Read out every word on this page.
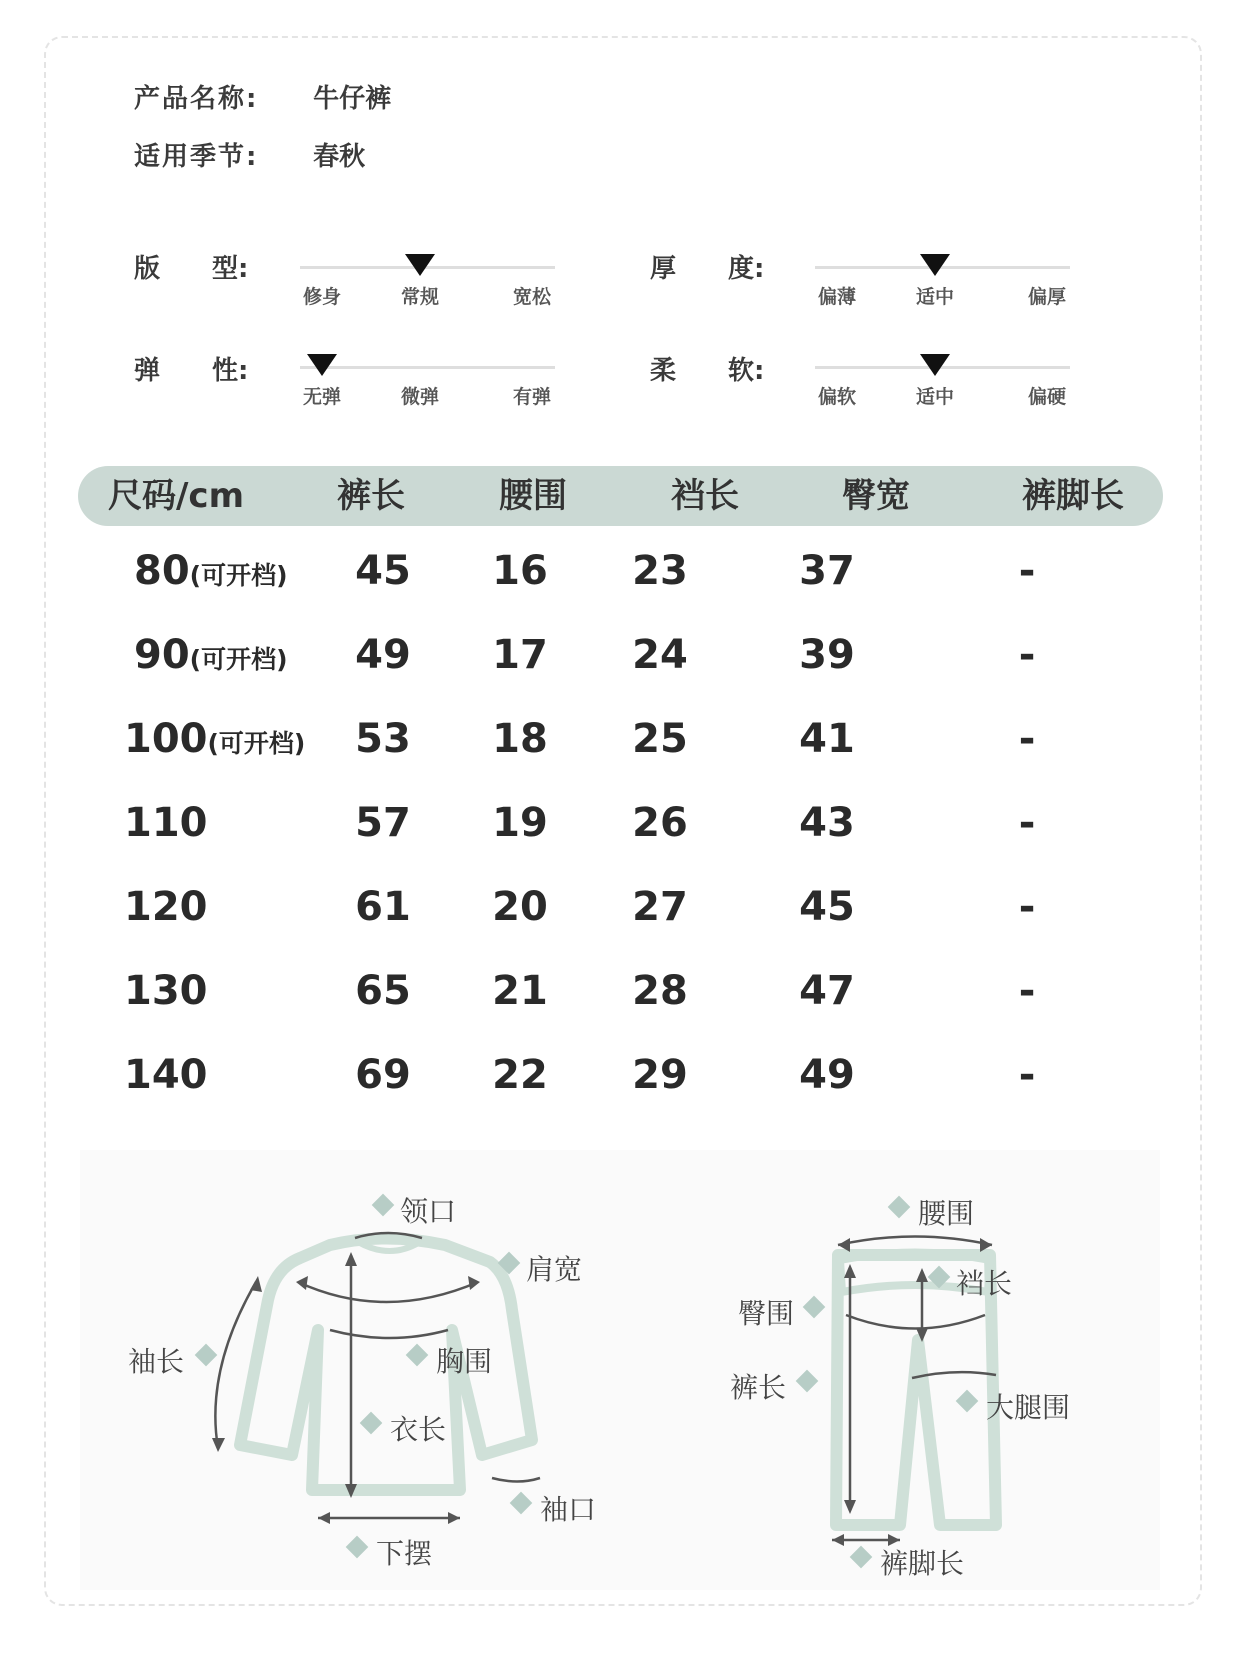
产品名称: 牛仔裤
适用季节: 春秋
版　　型:
修身	常规	宽松
厚　　度:
偏薄	适中	偏厚
弹　　性:
无弹	微弹	有弹
柔　　软:
偏软	适中	偏硬
尺码/cm	裤长	腰围	裆长	臀宽	裤脚长
80(可开档)	45	16	23	37	-
90(可开档)	49	17	24	39	-
100(可开档)	53	18	25	41	-
110	57	19	26	43	-
120	61	20	27	45	-
130	65	21	28	47	-
140	69	22	29	49	-
领口
肩宽
袖长	胸围
衣长
袖口
下摆
腰围
裆长
臀围
裤长
大腿围
裤脚长
